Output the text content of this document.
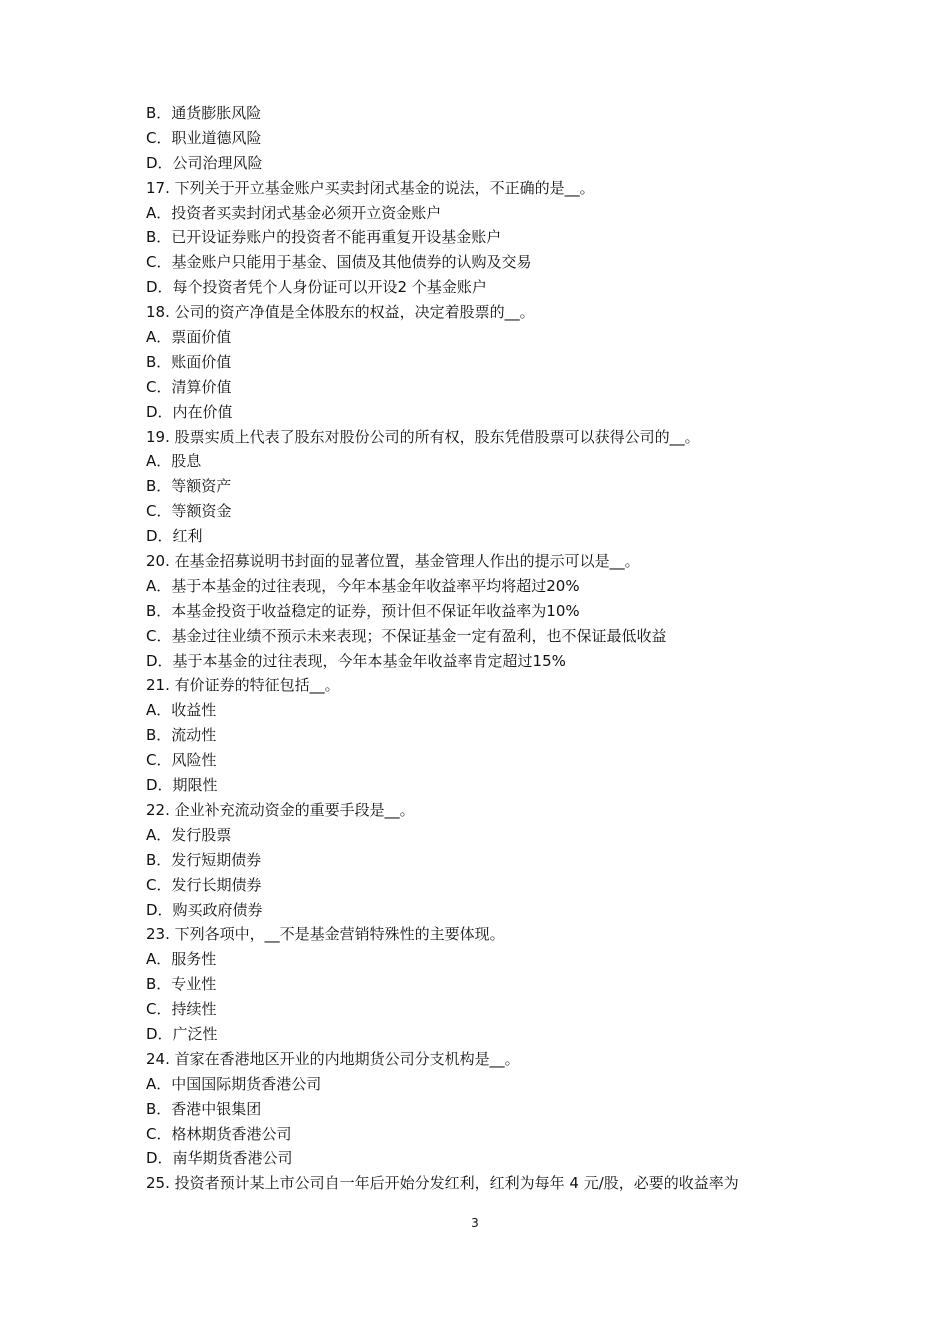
B．通货膨胀风险
C．职业道德风险
D．公司治理风险
17. 下列关于开立基金账户买卖封闭式基金的说法，不正确的是__。
A．投资者买卖封闭式基金必须开立资金账户
B．已开设证券账户的投资者不能再重复开设基金账户
C．基金账户只能用于基金、国债及其他债券的认购及交易
D．每个投资者凭个人身份证可以开设2 个基金账户
18. 公司的资产净值是全体股东的权益，决定着股票的__。
A．票面价值
B．账面价值
C．清算价值
D．内在价值
19. 股票实质上代表了股东对股份公司的所有权，股东凭借股票可以获得公司的__。
A．股息
B．等额资产
C．等额资金
D．红利
20. 在基金招募说明书封面的显著位置，基金管理人作出的提示可以是__。
A．基于本基金的过往表现，今年本基金年收益率平均将超过20%
B．本基金投资于收益稳定的证券，预计但不保证年收益率为10%
C．基金过往业绩不预示未来表现；不保证基金一定有盈利，也不保证最低收益
D．基于本基金的过往表现，今年本基金年收益率肯定超过15%
21. 有价证券的特征包括__。
A．收益性
B．流动性
C．风险性
D．期限性
22. 企业补充流动资金的重要手段是__。
A．发行股票
B．发行短期债券
C．发行长期债券
D．购买政府债券
23. 下列各项中，__不是基金营销特殊性的主要体现。
A．服务性
B．专业性
C．持续性
D．广泛性
24. 首家在香港地区开业的内地期货公司分支机构是__。
A．中国国际期货香港公司
B．香港中银集团
C．格林期货香港公司
D．南华期货香港公司
25. 投资者预计某上市公司自一年后开始分发红利，红利为每年 4 元/股，必要的收益率为
3
